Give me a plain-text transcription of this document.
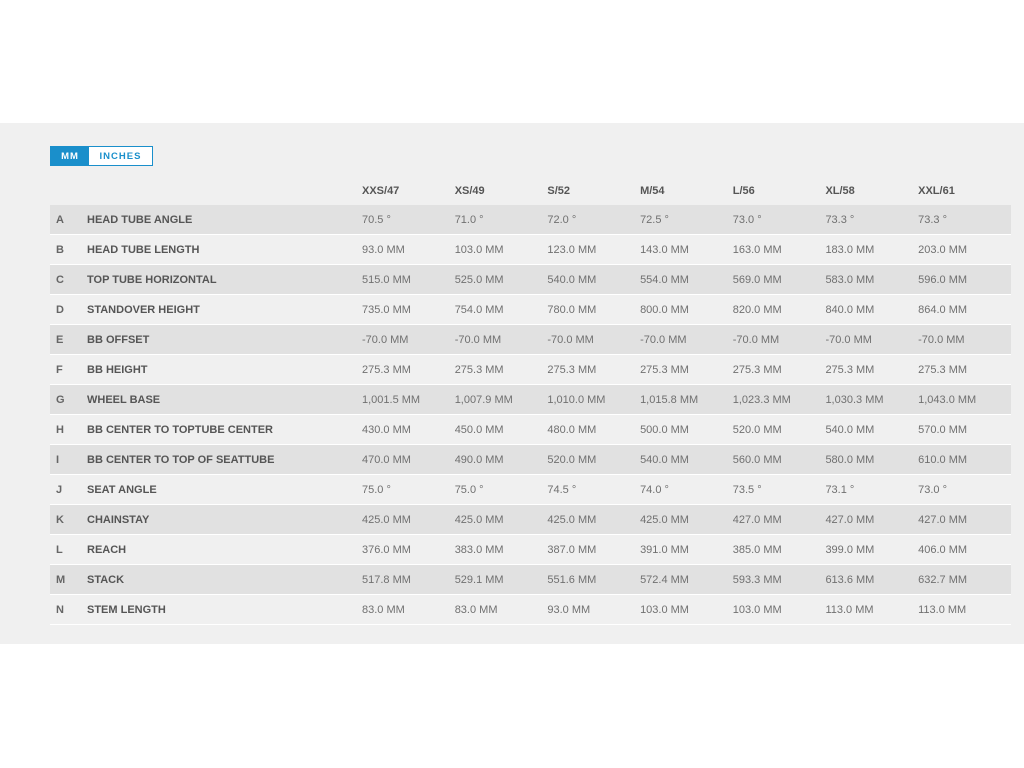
MM	INCHES
		XXS/47	XS/49	S/52	M/54	L/56	XL/58	XXL/61
A	HEAD TUBE ANGLE	70.5 °	71.0 °	72.0 °	72.5 °	73.0 °	73.3 °	73.3 °
B	HEAD TUBE LENGTH	93.0 MM	103.0 MM	123.0 MM	143.0 MM	163.0 MM	183.0 MM	203.0 MM
C	TOP TUBE HORIZONTAL	515.0 MM	525.0 MM	540.0 MM	554.0 MM	569.0 MM	583.0 MM	596.0 MM
D	STANDOVER HEIGHT	735.0 MM	754.0 MM	780.0 MM	800.0 MM	820.0 MM	840.0 MM	864.0 MM
E	BB OFFSET	-70.0 MM	-70.0 MM	-70.0 MM	-70.0 MM	-70.0 MM	-70.0 MM	-70.0 MM
F	BB HEIGHT	275.3 MM	275.3 MM	275.3 MM	275.3 MM	275.3 MM	275.3 MM	275.3 MM
G	WHEEL BASE	1,001.5 MM	1,007.9 MM	1,010.0 MM	1,015.8 MM	1,023.3 MM	1,030.3 MM	1,043.0 MM
H	BB CENTER TO TOPTUBE CENTER	430.0 MM	450.0 MM	480.0 MM	500.0 MM	520.0 MM	540.0 MM	570.0 MM
I	BB CENTER TO TOP OF SEATTUBE	470.0 MM	490.0 MM	520.0 MM	540.0 MM	560.0 MM	580.0 MM	610.0 MM
J	SEAT ANGLE	75.0 °	75.0 °	74.5 °	74.0 °	73.5 °	73.1 °	73.0 °
K	CHAINSTAY	425.0 MM	425.0 MM	425.0 MM	425.0 MM	427.0 MM	427.0 MM	427.0 MM
L	REACH	376.0 MM	383.0 MM	387.0 MM	391.0 MM	385.0 MM	399.0 MM	406.0 MM
M	STACK	517.8 MM	529.1 MM	551.6 MM	572.4 MM	593.3 MM	613.6 MM	632.7 MM
N	STEM LENGTH	83.0 MM	83.0 MM	93.0 MM	103.0 MM	103.0 MM	113.0 MM	113.0 MM
